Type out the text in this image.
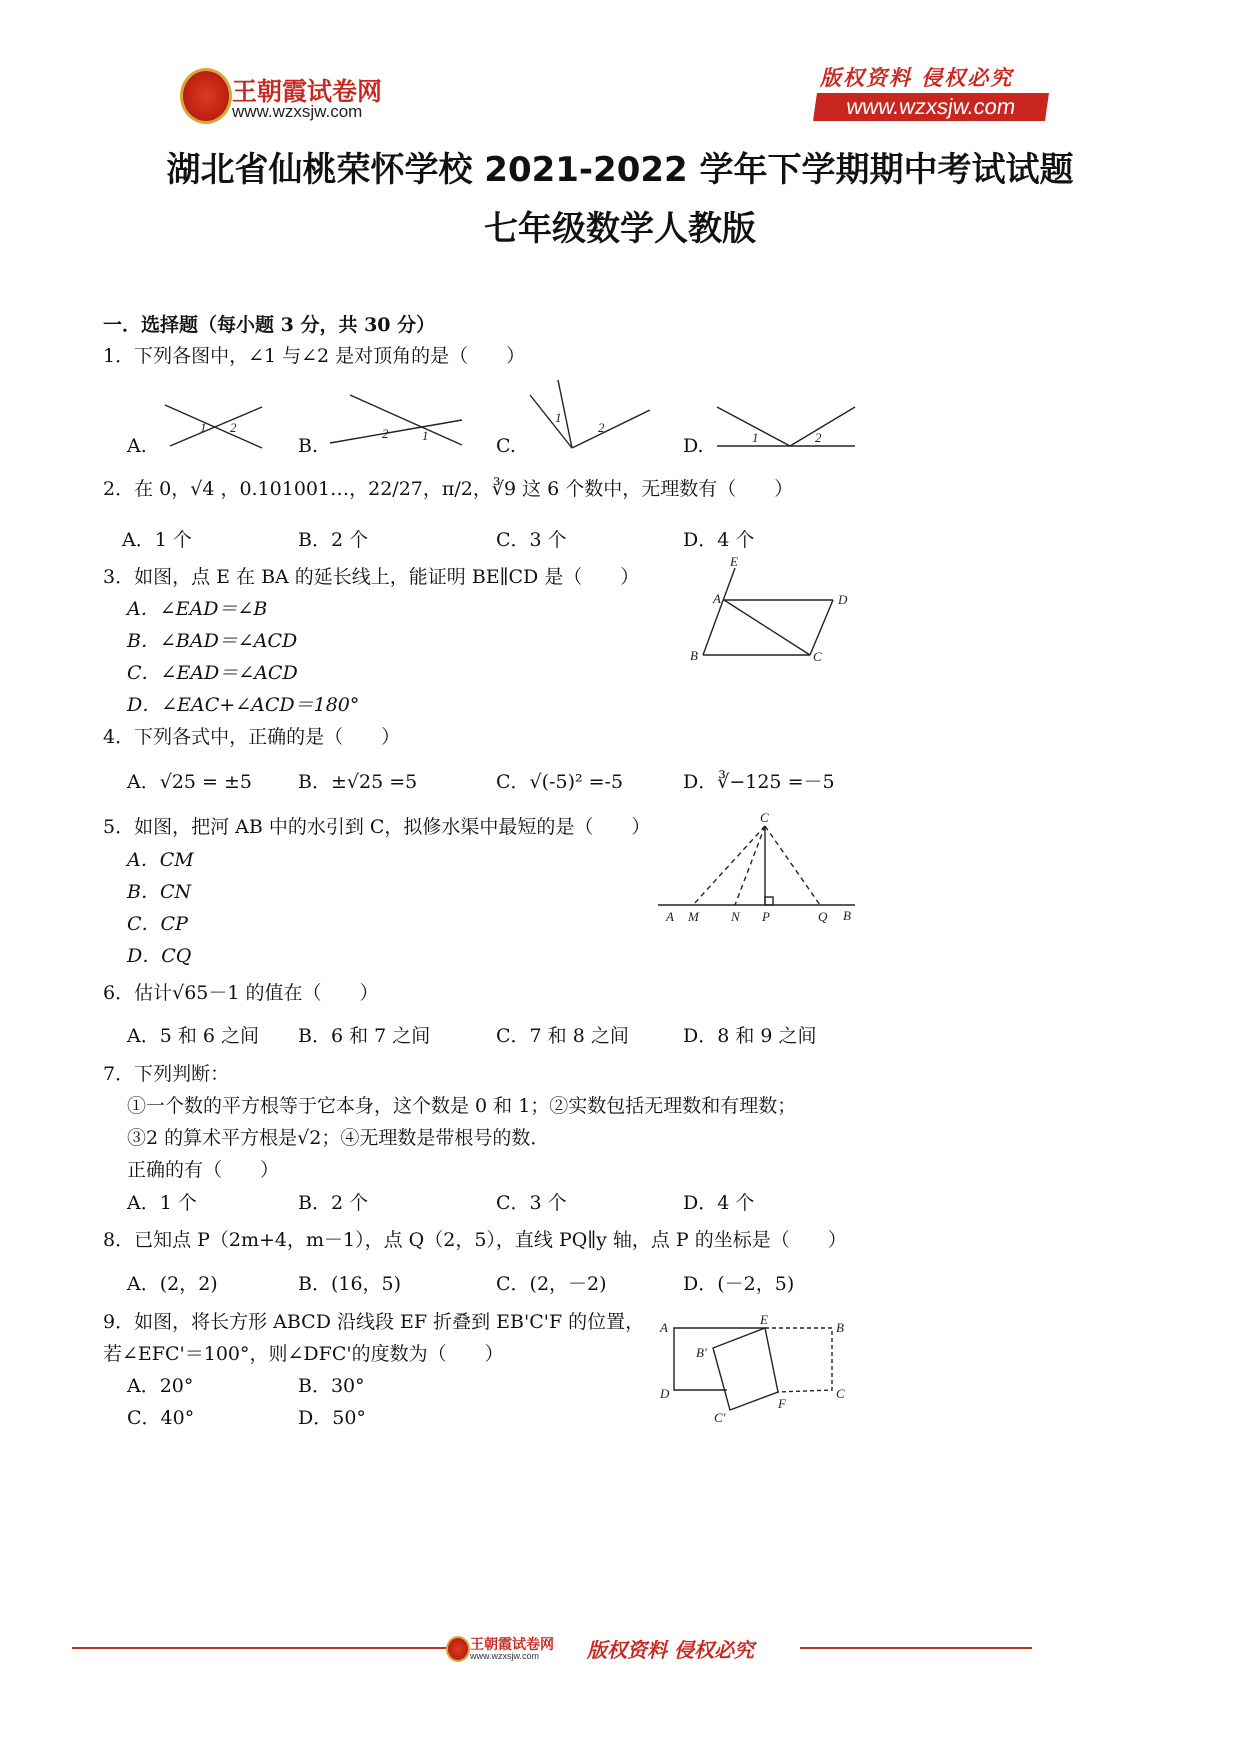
王朝霞试卷网
www.wzxsjw.com
版权资料 侵权必究
www.wzxsjw.com
湖北省仙桃荣怀学校 2021-2022 学年下学期期中考试试题
七年级数学人教版
一．选择题（每小题 3 分，共 30 分）
1．下列各图中，∠1 与∠2 是对顶角的是（　　）
A.	B.	C.	D.
2．在 0，√4 ，0.101001…，22/27，π/2，∛9 这 6 个数中，无理数有（　　）
A．1 个	B．2 个	C．3 个	D．4 个
3．如图，点 E 在 BA 的延长线上，能证明 BE∥CD 是（　　）
A．∠EAD＝∠B
B．∠BAD＝∠ACD
C．∠EAD＝∠ACD
D．∠EAC+∠ACD＝180°
4．下列各式中，正确的是（　　）
A．√25 = ±5 B．±√25 =5	C．√(-5)² =-5	D．∛−125 =－5
5．如图，把河 AB 中的水引到 C，拟修水渠中最短的是（　　）
A．CM
B．CN
C．CP
D．CQ
6．估计√65－1 的值在（　　）
A．5 和 6 之间 B．6 和 7 之间	C．7 和 8 之间	D．8 和 9 之间
7．下列判断：
①一个数的平方根等于它本身，这个数是 0 和 1；②实数包括无理数和有理数；
③2 的算术平方根是√2；④无理数是带根号的数．
正确的有（　　）
A．1 个	B．2 个	C．3 个	D．4 个
8．已知点 P（2m+4，m－1），点 Q（2，5），直线 PQ∥y 轴，点 P 的坐标是（　　）
A．(2，2)	B．(16，5)	C．(2，－2)	D．(－2，5)
9．如图，将长方形 ABCD 沿线段 EF 折叠到 EB'C'F 的位置，
若∠EFC'＝100°，则∠DFC'的度数为（　　）
A．20°	B．30°
C．40°	D．50°
1 2	2	1
1
2
1	2
E
A	D
B	C
C
A M N P	Q B
A
E
B
B'
D	C
C'
F
王朝霞试卷网
www.wzxsjw.com 版权资料 侵权必究
